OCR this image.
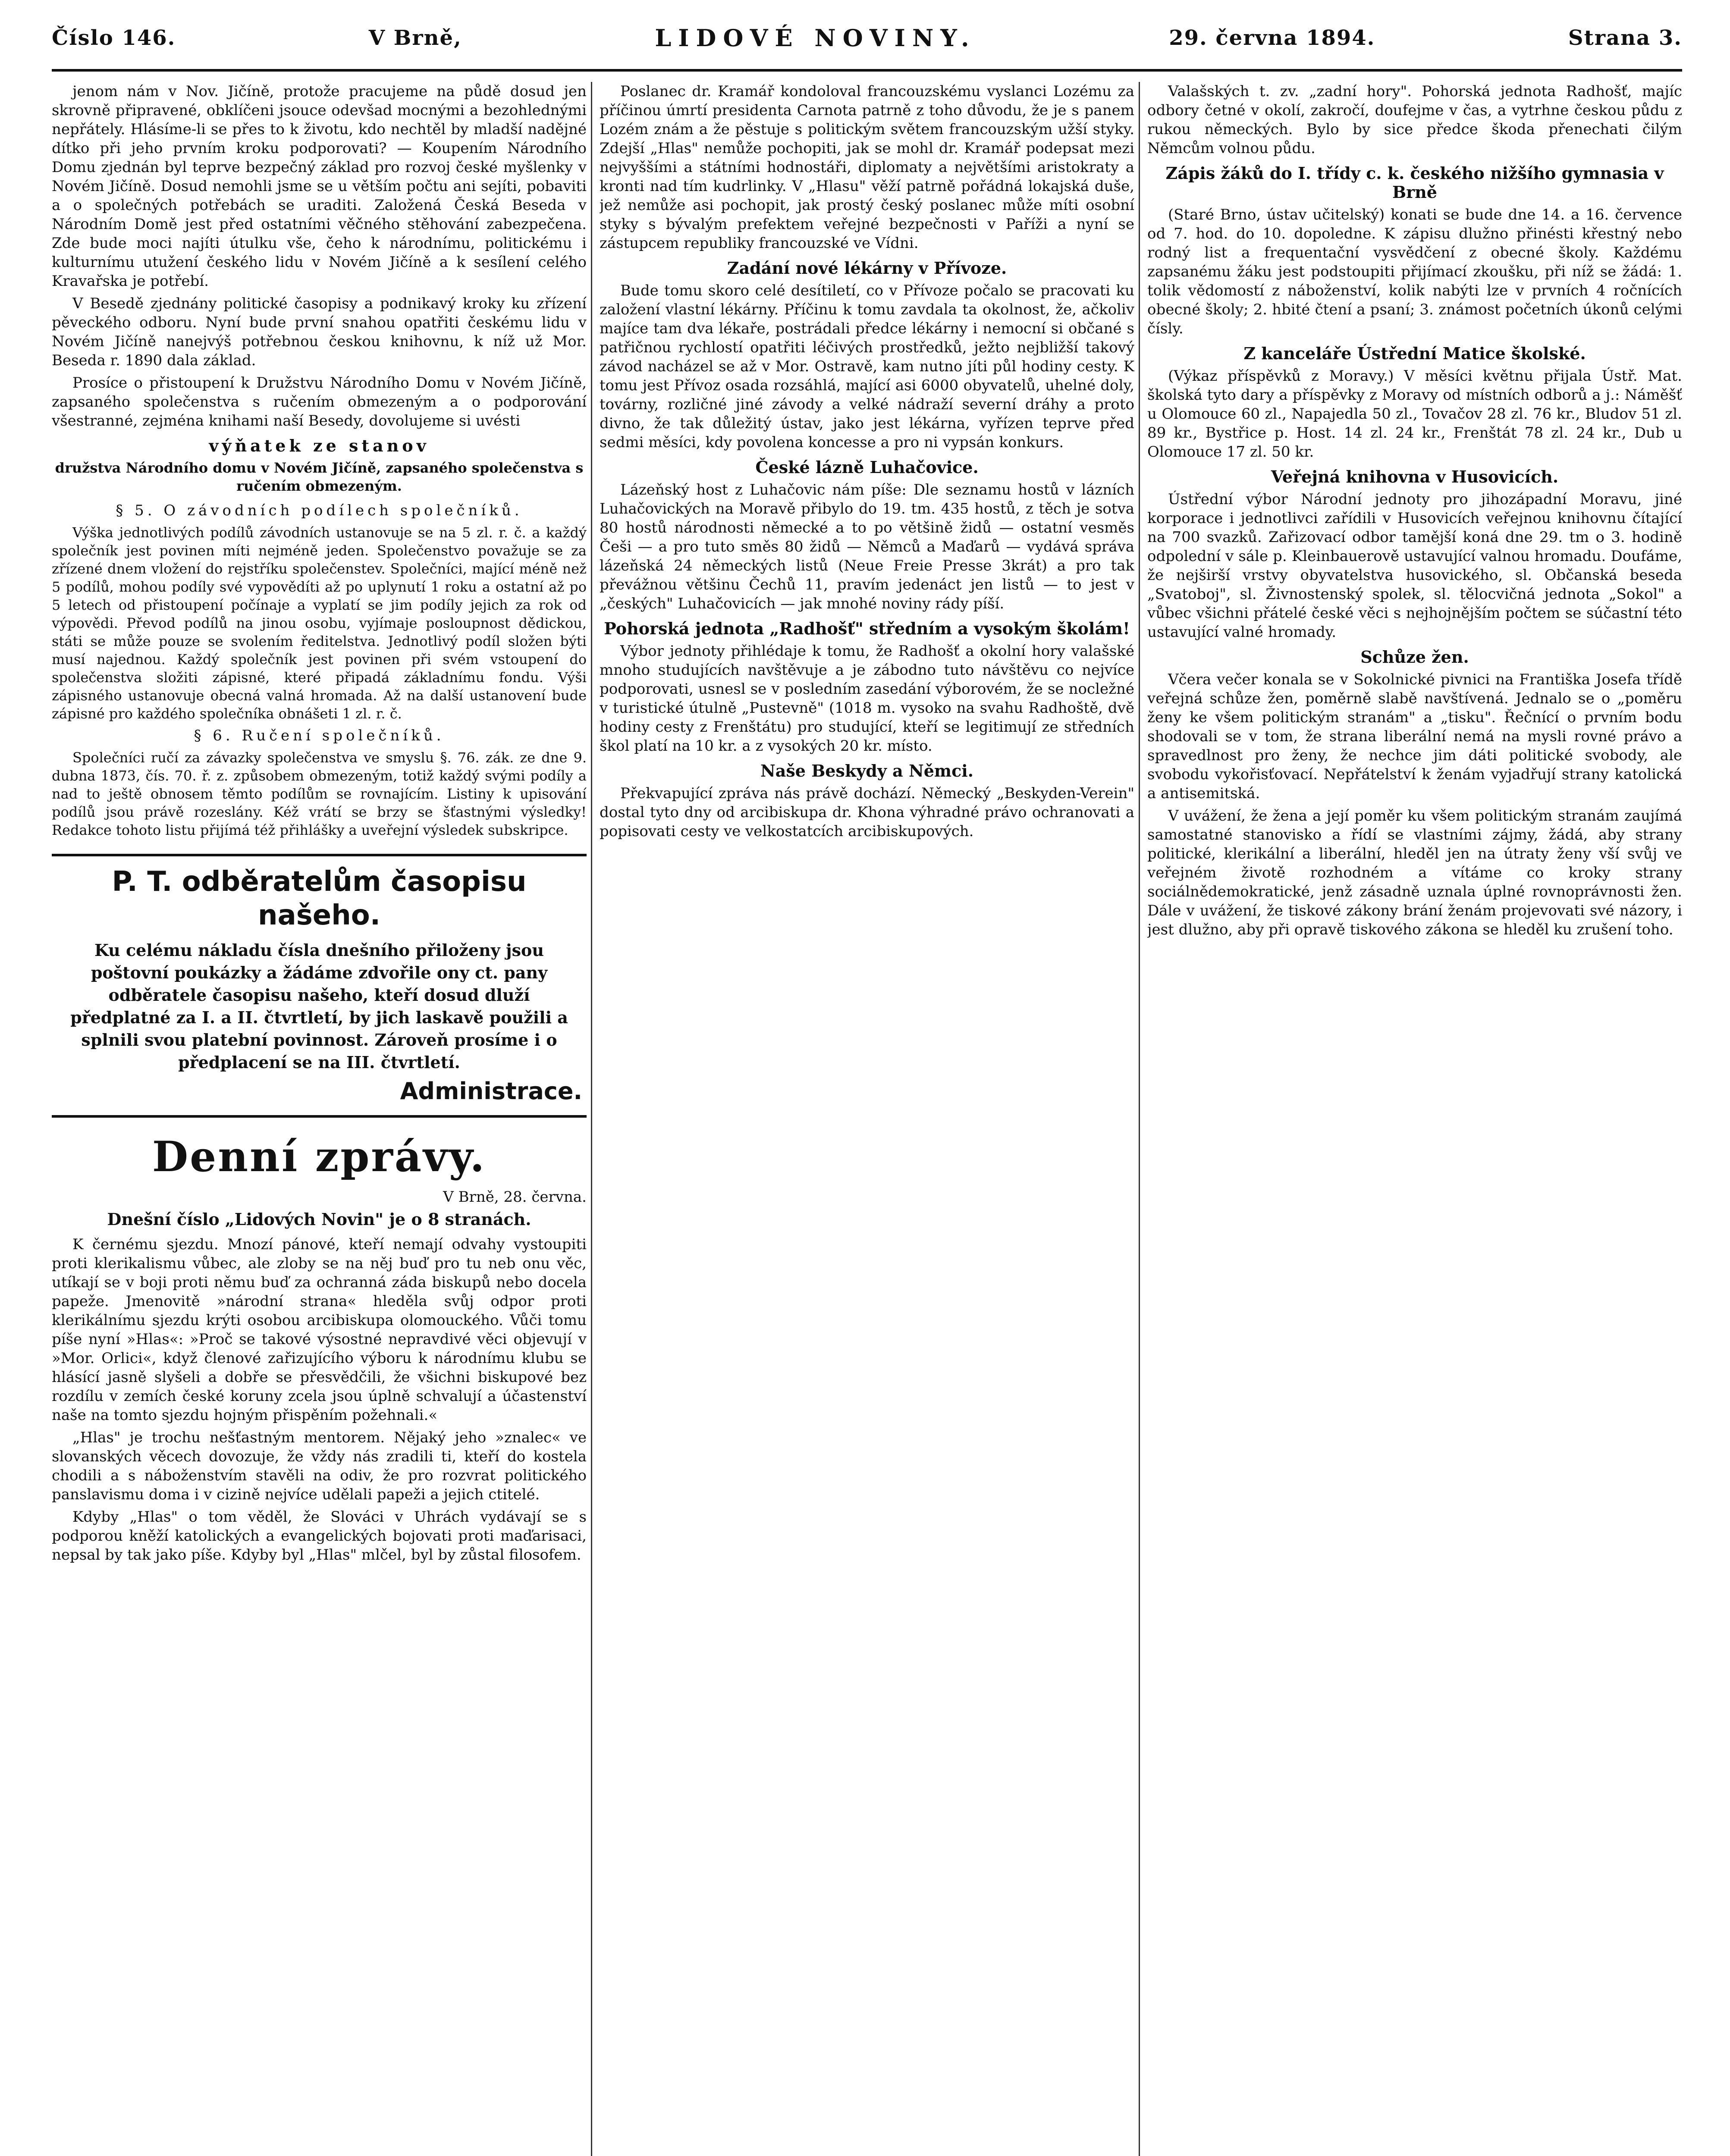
Číslo 146.	V Brně,	LIDOVÉ NOVINY.	29. června 1894.	Strana 3.

jenom nám v Nov. Jičíně, protože pracujeme na půdě dosud jen skrovně připravené, obklíčeni jsouce odevšad mocnými a bezohlednými nepřátely. Hlásíme-li se přes to k životu, kdo nechtěl by mladší nadějné dítko při jeho prvním kroku podporovati? — Koupením Národního Domu zjednán byl teprve bezpečný základ pro rozvoj české myšlenky v Novém Jičíně. Dosud nemohli jsme se u větším počtu ani sejíti, pobaviti a o společných potřebách se uraditi. Založená Česká Beseda v Národním Domě jest před ostatními věčného stěhování zabezpečena. Zde bude moci najíti útulku vše, čeho k národnímu, politickému i kulturnímu utužení českého lidu v Novém Jičíně a k sesílení celého Kravařska je potřebí.

V Besedě zjednány politické časopisy a podnikavý kroky ku zřízení pěveckého odboru. Nyní bude první snahou opatřiti českému lidu v Novém Jičíně nanejvýš potřebnou českou knihovnu, k níž už Mor. Beseda r. 1890 dala základ.

Prosíce o přistoupení k Družstvu Národního Domu v Novém Jičíně, zapsaného společenstva s ručením obmezeným a o podporování všestranné, zejména knihami naší Besedy, dovolujeme si uvésti

výňatek ze stanov
družstva Národního domu v Novém Jičíně, zapsaného společenstva s ručením obmezeným.

§ 5. O závodních podílech společníků.

Výška jednotlivých podílů závodních ustanovuje se na 5 zl. r. č. a každý společník jest povinen míti nejméně jeden. Společenstvo považuje se za zřízené dnem vložení do rejstříku společenstev. Společníci, mající méně než 5 podílů, mohou podíly své vypovědíti až po uplynutí 1 roku a ostatní až po 5 letech od přistoupení počínaje a vyplatí se jim podíly jejich za rok od výpovědi. Převod podílů na jinou osobu, vyjímaje posloupnost dědickou, státi se může pouze se svolením ředitelstva. Jednotlivý podíl složen býti musí najednou. Každý společník jest povinen při svém vstoupení do společenstva složiti zápisné, které připadá základnímu fondu. Výši zápisného ustanovuje obecná valná hromada. Až na další ustanovení bude zápisné pro každého společníka obnášeti 1 zl. r. č.

§ 6. Ručení společníků.

Společníci ručí za závazky společenstva ve smyslu §. 76. zák. ze dne 9. dubna 1873, čís. 70. ř. z. způsobem obmezeným, totiž každý svými podíly a nad to ještě obnosem těmto podílům se rovnajícím. Listiny k upisování podílů jsou právě rozeslány. Kéž vrátí se brzy se šťastnými výsledky! Redakce tohoto listu přijímá též přihlášky a uveřejní výsledek subskripce.

P. T. odběratelům časopisu našeho.
Ku celému nákladu čísla dnešního přiloženy jsou poštovní poukázky a žádáme zdvořile ony ct. pany odběratele časopisu našeho, kteří dosud dluží předplatné za I. a II. čtvrtletí, by jich laskavě použili a splnili svou platební povinnost. Zároveň prosíme i o předplacení se na III. čtvrtletí.
Administrace.
Denní zprávy.

V Brně, 28. června.

Dnešní číslo „Lidových Novin" je o 8 stranách.

K černému sjezdu. Mnozí pánové, kteří nemají odvahy vystoupiti proti klerikalismu vůbec, ale zloby se na něj buď pro tu neb onu věc, utíkají se v boji proti němu buď za ochranná záda biskupů nebo docela papeže. Jmenovitě »národní strana« hleděla svůj odpor proti klerikálnímu sjezdu krýti osobou arcibiskupa olomouckého. Vůči tomu píše nyní »Hlas«: »Proč se takové výsostné nepravdivé věci objevují v »Mor. Orlici«, když členové zařizujícího výboru k národnímu klubu se hlásící jasně slyšeli a dobře se přesvědčili, že všichni biskupové bez rozdílu v zemích české koruny zcela jsou úplně schvalují a účastenství naše na tomto sjezdu hojným přispěním požehnali.«

„Hlas" je trochu nešťastným mentorem. Nějaký jeho »znalec« ve slovanských věcech dovozuje, že vždy nás zradili ti, kteří do kostela chodili a s náboženstvím stavěli na odiv, že pro rozvrat politického panslavismu doma i v cizině nejvíce udělali papeži a jejich ctitelé.

Kdyby „Hlas" o tom věděl, že Slováci v Uhrách vydávají se s podporou kněží katolických a evangelických bojovati proti maďarisaci, nepsal by tak jako píše. Kdyby byl „Hlas" mlčel, byl by zůstal filosofem.

Poslanec dr. Kramář kondoloval francouzskému vyslanci Lozému za příčinou úmrtí presidenta Carnota patrně z toho důvodu, že je s panem Lozém znám a že pěstuje s politickým světem francouzským užší styky. Zdejší „Hlas" nemůže pochopiti, jak se mohl dr. Kramář podepsat mezi nejvyššími a státními hodnostáři, diplomaty a největšími aristokraty a kronti nad tím kudrlinky. V „Hlasu" věží patrně pořádná lokajská duše, jež nemůže asi pochopit, jak prostý český poslanec může míti osobní styky s bývalým prefektem veřejné bezpečnosti v Paříži a nyní se zástupcem republiky francouzské ve Vídni.

Zadání nové lékárny v Přívoze.

Bude tomu skoro celé desítiletí, co v Přívoze počalo se pracovati ku založení vlastní lékárny. Příčinu k tomu zavdala ta okolnost, že, ačkoliv majíce tam dva lékaře, postrádali předce lékárny i nemocní si občané s patřičnou rychlostí opatřiti léčivých prostředků, ježto nejbližší takový závod nacházel se až v Mor. Ostravě, kam nutno jíti půl hodiny cesty. K tomu jest Přívoz osada rozsáhlá, mající asi 6000 obyvatelů, uhelné doly, továrny, rozličné jiné závody a velké nádraží severní dráhy a proto divno, že tak důležitý ústav, jako jest lékárna, vyřízen teprve před sedmi měsíci, kdy povolena koncesse a pro ni vypsán konkurs.

České lázně Luhačovice.

Lázeňský host z Luhačovic nám píše: Dle seznamu hostů v lázních Luhačovických na Moravě přibylo do 19. tm. 435 hostů, z těch je sotva 80 hostů národnosti německé a to po většině židů — ostatní vesměs Češi — a pro tuto směs 80 židů — Němců a Maďarů — vydává správa lázeňská 24 německých listů (Neue Freie Presse 3krát) a pro tak převážnou většinu Čechů 11, pravím jedenáct jen listů — to jest v „českých" Luhačovicích — jak mnohé noviny rády píší.

Pohorská jednota „Radhošť" středním a vysokým školám!

Výbor jednoty přihlédaje k tomu, že Radhošť a okolní hory valašské mnoho studujících navštěvuje a je zábodno tuto návštěvu co nejvíce podporovati, usnesl se v posledním zasedání výborovém, že se nocležné v turistické útulně „Pustevně" (1018 m. vysoko na svahu Radhoště, dvě hodiny cesty z Frenštátu) pro studující, kteří se legitimují ze středních škol platí na 10 kr. a z vysokých 20 kr. místo.

Naše Beskydy a Němci.

Překvapující zpráva nás právě dochází. Německý „Beskyden-Verein" dostal tyto dny od arcibiskupa dr. Khona výhradné právo ochranovati a popisovati cesty ve velkostatcích arcibiskupových.

Valašských t. zv. „zadní hory". Pohorská jednota Radhošť, majíc odbory četné v okolí, zakročí, doufejme v čas, a vytrhne českou půdu z rukou německých. Bylo by sice předce škoda přenechati čilým Němcům volnou půdu.

Zápis žáků do I. třídy c. k. českého nižšího gymnasia v Brně

(Staré Brno, ústav učitelský) konati se bude dne 14. a 16. července od 7. hod. do 10. dopoledne. K zápisu dlužno přinésti křestný nebo rodný list a frequentační vysvědčení z obecné školy. Každému zapsanému žáku jest podstoupiti přijímací zkoušku, při níž se žádá: 1. tolik vědomostí z náboženství, kolik nabýti lze v prvních 4 ročnících obecné školy; 2. hbité čtení a psaní; 3. známost početních úkonů celými čísly.

Z kanceláře Ústřední Matice školské.

(Výkaz příspěvků z Moravy.) V měsíci květnu přijala Ústř. Mat. školská tyto dary a příspěvky z Moravy od místních odborů a j.: Náměšť u Olomouce 60 zl., Napajedla 50 zl., Tovačov 28 zl. 76 kr., Bludov 51 zl. 89 kr., Bystřice p. Host. 14 zl. 24 kr., Frenštát 78 zl. 24 kr., Dub u Olomouce 17 zl. 50 kr.

Veřejná knihovna v Husovicích.

Ústřední výbor Národní jednoty pro jihozápadní Moravu, jiné korporace i jednotlivci zařídili v Husovicích veřejnou knihovnu čítající na 700 svazků. Zařizovací odbor tamější koná dne 29. tm o 3. hodině odpolední v sále p. Kleinbauerově ustavující valnou hromadu. Doufáme, že nejširší vrstvy obyvatelstva husovického, sl. Občanská beseda „Svatoboj", sl. Živnostenský spolek, sl. tělocvičná jednota „Sokol" a vůbec všichni přátelé české věci s nejhojnějším počtem se súčastní této ustavující valné hromady.

Schůze žen.

Včera večer konala se v Sokolnické pivnici na Františka Josefa třídě veřejná schůze žen, poměrně slabě navštívená. Jednalo se o „poměru ženy ke všem politickým stranám" a „tisku". Řečnící o prvním bodu shodovali se v tom, že strana liberální nemá na mysli rovné právo a spravedlnost pro ženy, že nechce jim dáti politické svobody, ale svobodu vykořisťovací. Nepřátelství k ženám vyjadřují strany katolická a antisemitská.

V uvážení, že žena a její poměr ku všem politickým stranám zaujímá samostatné stanovisko a řídí se vlastními zájmy, žádá, aby strany politické, klerikální a liberální, hleděl jen na útraty ženy vší svůj ve veřejném životě rozhodném a vítáme co kroky strany sociálnědemokratické, jenž zásadně uznala úplné rovnoprávnosti žen. Dále v uvážení, že tiskové zákony brání ženám projevovati své názory, i jest dlužno, aby při opravě tiskového zákona se hleděl ku zrušení toho.
